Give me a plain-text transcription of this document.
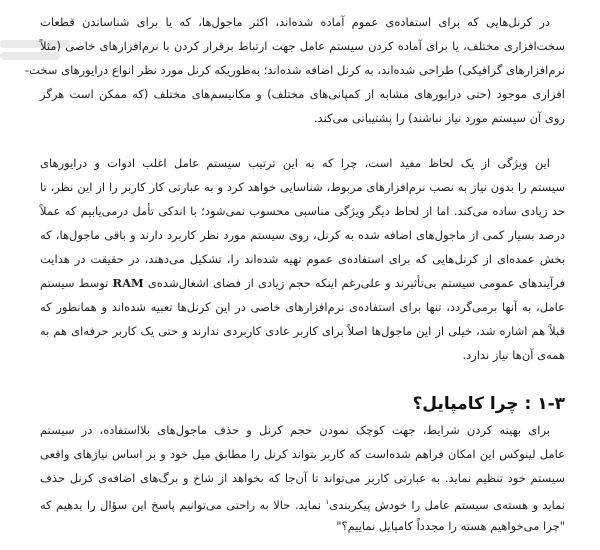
در کرنل‌هایی که برای استفاده‌ی عموم آماده شده‌اند، اکثر ماجول‌ها، که یا برای شناساندن قطعات
سخت‌افزاری مختلف، یا برای آماده کردن سیستم عامل جهت ارتباط برقرار کردن با نرم‌افزارهای خاصی (مثلاً
نرم‌افزارهای گرافیکی) طراحی شده‌اند، به کرنل اضافه شده‌اند؛ به‌طوریکه کرنل مورد نظر انواع درایورهای سخت-
افزاری موجود (حتی درایورهای مشابه از کمپانی‌های مختلف) و مکانیسم‌های مختلف (که ممکن است هرگز
روی آن سیستم مورد نیاز نباشند) را پشتیبانی می‌کند.
این ویژگی از یک لحاظ مفید است، چرا که به این ترتیب سیستم عامل اغلب ادوات و درایورهای
سیستم را بدون نیاز به نصب نرم‌افزارهای مربوط، شناسایی خواهد کرد و به عبارتی کار کاربر را از این نظر، تا
حد زیادی ساده می‌کند. اما از لحاظ دیگر ویژگی مناسبی محسوب نمی‌شود؛ با اندکی تأمل درمی‌یابیم که عملاً
درصد بسیار کمی از ماجول‌های اضافه شده به کرنل، روی سیستم مورد نظر کاربرد دارند و باقی ماجول‌ها، که
بخش عمده‌ای از کرنل‌هایی که برای استفاده‌ی عموم تهیه شده‌اند را، تشکیل می‌دهند، در حقیقت در هدایت
فرآیندهای عمومی سیستم بی‌تأثیرند و علی‌رغم اینکه حجم زیادی از فضای اشغال‌شده‌ی RAM توسط سیستم
عامل، به آنها برمی‌گردد، تنها برای استفاده‌ی نرم‌افزارهای خاصی در این کرنل‌ها تعبیه شده‌اند و همانطور که
قبلاً هم اشاره شد، خیلی از این ماجول‌ها اصلاً برای کاربر عادی کاربردی ندارند و حتی یک کاربر حرفه‌ای هم به
همه‌ی آن‌ها نیاز ندارد.
۱-۳ : چرا کامپایل؟
برای بهینه کردن شرایط، جهت کوچک نمودن حجم کرنل و حذف ماجول‌های بلااستفاده، در سیستم
عامل لینوکس این امکان فراهم شده‌است که کاربر بتواند کرنل را مطابق میل خود و بر اساس نیازهای واقعی
سیستم خود تنظیم نماید. به عبارتی کاربر می‌تواند تا آن‌جا که بخواهد از شاخ و برگ‌های اضافه‌ی کرنل حذف
نماید و هسته‌ی سیستم عامل را خودش پیکربندی$^۱$ نماید. حالا به راحتی می‌توانیم پاسخ این سؤال را بدهیم که
"چرا می‌خواهیم هسته را مجدداً کامپایل نماییم؟"
